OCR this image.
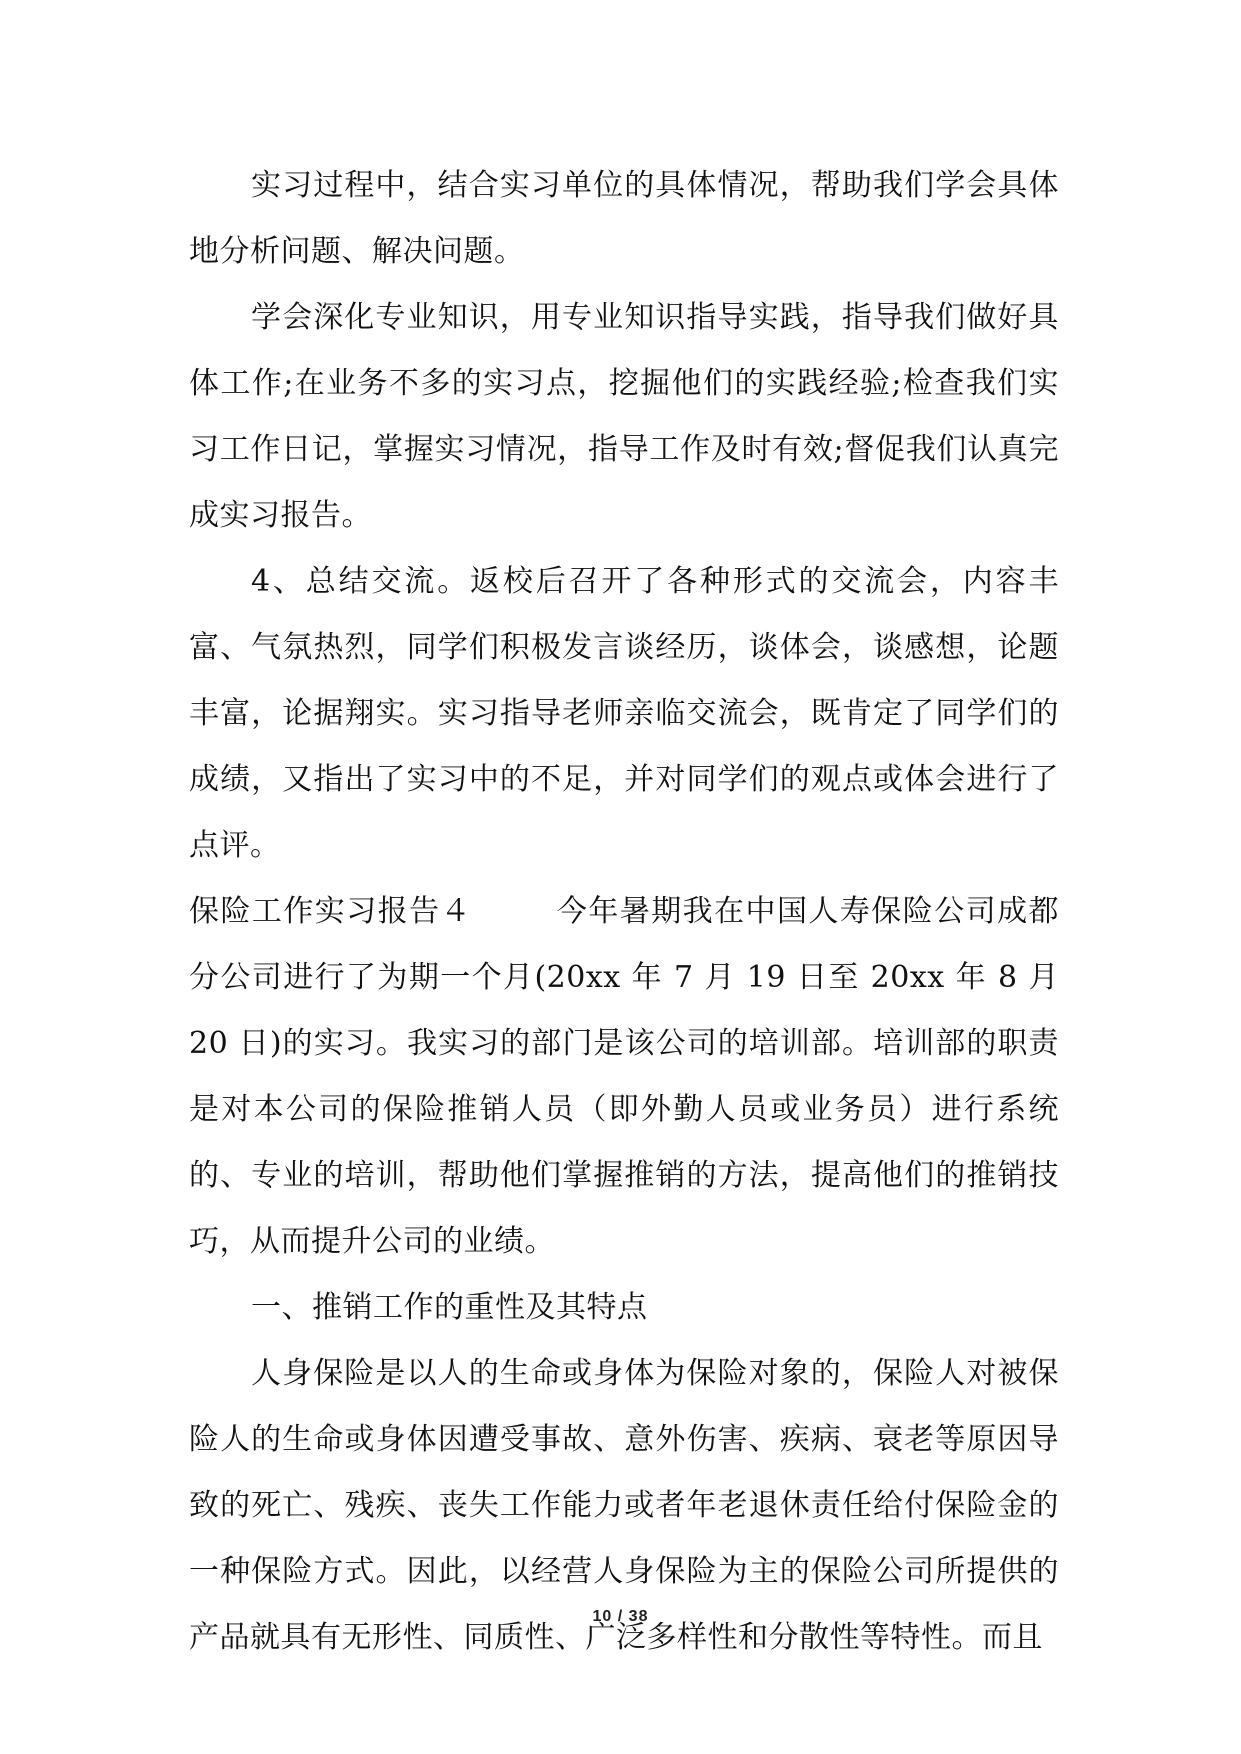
实习过程中，结合实习单位的具体情况，帮助我们学会具体地分析问题、解决问题。

学会深化专业知识，用专业知识指导实践，指导我们做好具体工作;在业务不多的实习点，挖掘他们的实践经验;检查我们实习工作日记，掌握实习情况，指导工作及时有效;督促我们认真完成实习报告。

4、总结交流。返校后召开了各种形式的交流会，内容丰富、气氛热烈，同学们积极发言谈经历，谈体会，谈感想，论题丰富，论据翔实。实习指导老师亲临交流会，既肯定了同学们的成绩，又指出了实习中的不足，并对同学们的观点或体会进行了点评。

保险工作实习报告４	今年暑期我在中国人寿保险公司成都分公司进行了为期一个月(20xx 年 7 月 19 日至 20xx 年 8 月 20 日)的实习。我实习的部门是该公司的培训部。培训部的职责是对本公司的保险推销人员（即外勤人员或业务员）进行系统的、专业的培训，帮助他们掌握推销的方法，提高他们的推销技巧，从而提升公司的业绩。

一、推销工作的重性及其特点

人身保险是以人的生命或身体为保险对象的，保险人对被保险人的生命或身体因遭受事故、意外伤害、疾病、衰老等原因导致的死亡、残疾、丧失工作能力或者年老退休责任给付保险金的一种保险方式。因此，以经营人身保险为主的保险公司所提供的产品就具有无形性、同质性、广泛多样性和分散性等特性。而且

10 / 38
